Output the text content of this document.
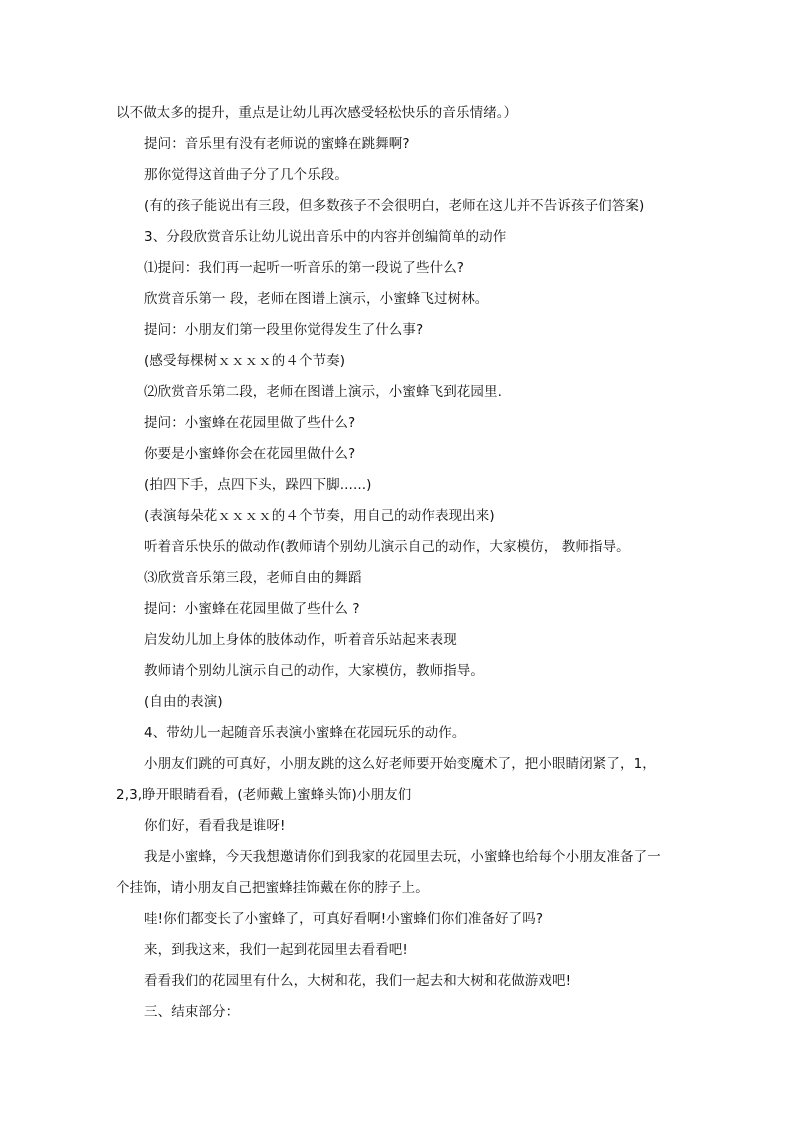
以不做太多的提升，重点是让幼儿再次感受轻松快乐的音乐情绪。）
提问：音乐里有没有老师说的蜜蜂在跳舞啊?
那你觉得这首曲子分了几个乐段。
(有的孩子能说出有三段，但多数孩子不会很明白，老师在这儿并不告诉孩子们答案)
3、分段欣赏音乐让幼儿说出音乐中的内容并创编简单的动作
⑴提问：我们再一起听一听音乐的第一段说了些什么?
欣赏音乐第一 段，老师在图谱上演示，小蜜蜂飞过树林。
提问：小朋友们第一段里你觉得发生了什么事?
(感受每棵树ｘｘｘｘ的４个节奏)
⑵欣赏音乐第二段，老师在图谱上演示，小蜜蜂飞到花园里.
提问：小蜜蜂在花园里做了些什么?
你要是小蜜蜂你会在花园里做什么?
(拍四下手，点四下头，跺四下脚......)
(表演每朵花ｘｘｘｘ的４个节奏，用自己的动作表现出来)
听着音乐快乐的做动作(教师请个别幼儿演示自己的动作，大家模仿， 教师指导。
⑶欣赏音乐第三段，老师自由的舞蹈
提问：小蜜蜂在花园里做了些什么 ?
启发幼儿加上身体的肢体动作，听着音乐站起来表现
教师请个别幼儿演示自己的动作，大家模仿，教师指导。
(自由的表演)
4、带幼儿一起随音乐表演小蜜蜂在花园玩乐的动作。
小朋友们跳的可真好，小朋友跳的这么好老师要开始变魔术了，把小眼睛闭紧了，1，
2,3,睁开眼睛看看，(老师戴上蜜蜂头饰)小朋友们
你们好，看看我是谁呀!
我是小蜜蜂，今天我想邀请你们到我家的花园里去玩，小蜜蜂也给每个小朋友准备了一
个挂饰，请小朋友自己把蜜蜂挂饰戴在你的脖子上。
哇!你们都变长了小蜜蜂了，可真好看啊!小蜜蜂们你们准备好了吗?
来，到我这来，我们一起到花园里去看看吧!
看看我们的花园里有什么，大树和花，我们一起去和大树和花做游戏吧!
三、结束部分：
